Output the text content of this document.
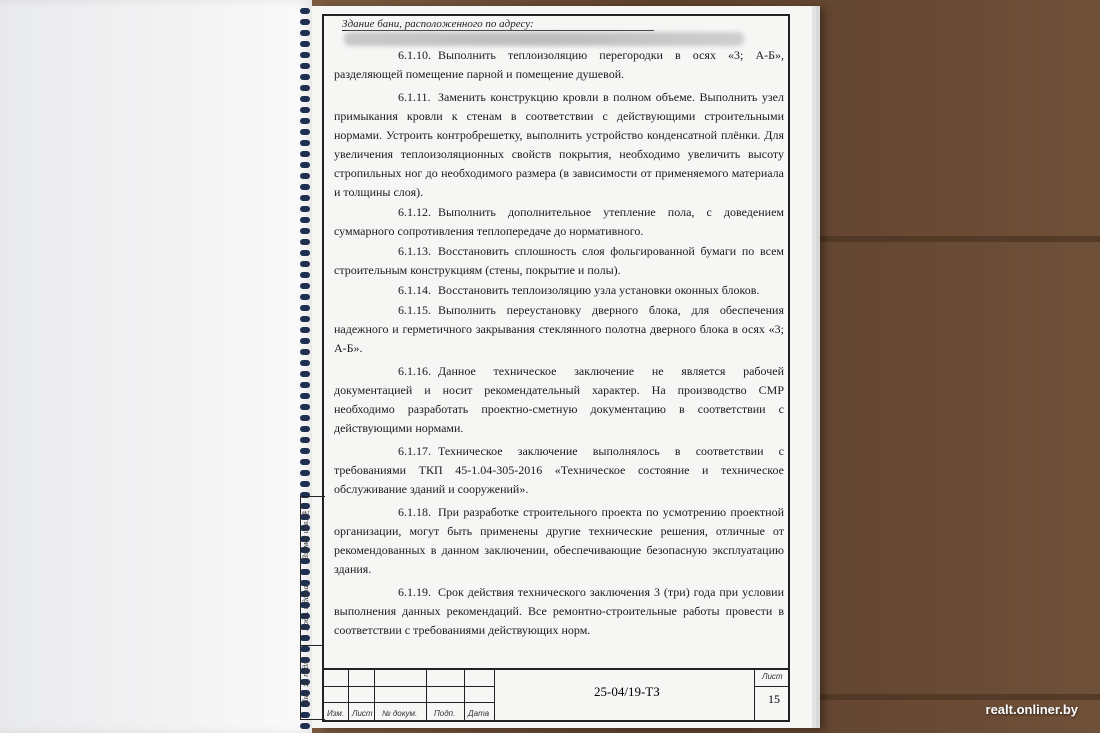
Здание бани, расположенного по адресу:

6.1.10. Выполнить теплоизоляцию перегородки в осях «3; А-Б», разделяющей помещение парной и помещение душевой.

6.1.11. Заменить конструкцию кровли в полном объеме. Выполнить узел примыкания кровли к стенам в соответствии с действующими строительными нормами. Устроить контробрешетку, выполнить устройство конденсатной плёнки. Для увеличения теплоизоляционных свойств покрытия, необходимо увеличить высоту стропильных ног до необходимого размера (в зависимости от применяемого материала и толщины слоя).

6.1.12. Выполнить дополнительное утепление пола, с доведением суммарного сопротивления теплопередаче до нормативного.

6.1.13. Восстановить сплошность слоя фольгированной бумаги по всем строительным конструкциям (стены, покрытие и полы).

6.1.14. Восстановить теплоизоляцию узла установки оконных блоков.

6.1.15. Выполнить переустановку дверного блока, для обеспечения надежного и герметичного закрывания стеклянного полотна дверного блока в осях «3; А-Б».

6.1.16. Данное техническое заключение не является рабочей документацией и носит рекомендательный характер. На производство СМР необходимо разработать проектно-сметную документацию в соответствии с действующими нормами.

6.1.17. Техническое заключение выполнялось в соответствии с требованиями ТКП 45-1.04-305-2016 «Техническое состояние и техническое обслуживание зданий и сооружений».

6.1.18. При разработке строительного проекта по усмотрению проектной организации, могут быть применены другие технические решения, отличные от рекомендованных в данном заключении, обеспечивающие безопасную эксплуатацию здания.

6.1.19. Срок действия технического заключения 3 (три) года при условии выполнения данных рекомендаций. Все ремонтно-строительные работы провести в соответствии с требованиями действующих норм.

Взамен инв. №
Подп. и дата
Инв. № подл.
Изм. Лист № докум. Подп. Дата
25-04/19-ТЗ
Лист
15
realt.onliner.by
